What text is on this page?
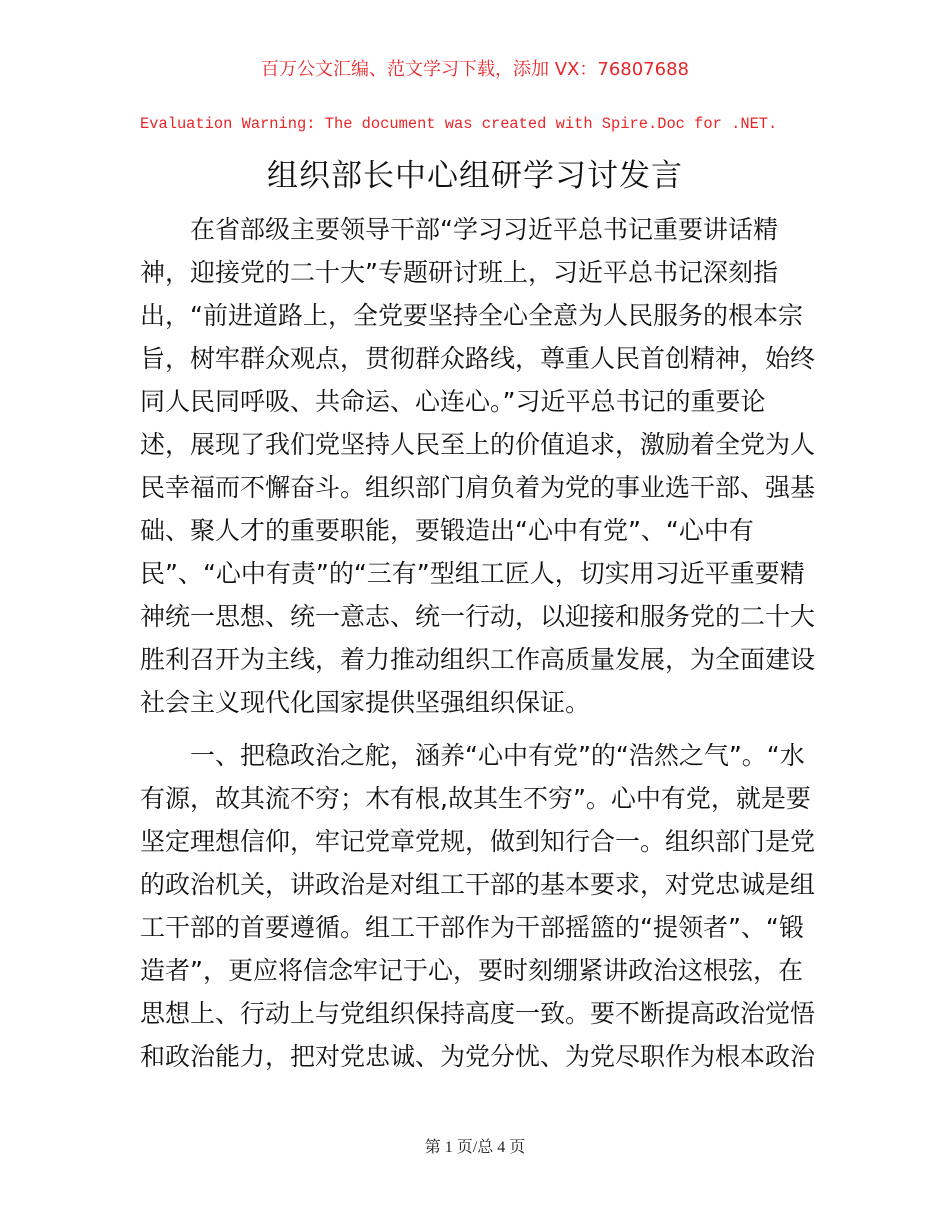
百万公文汇编、范文学习下载，添加 VX：76807688
Evaluation Warning: The document was created with Spire.Doc for .NET.
组织部长中心组研学习讨发言

在省部级主要领导干部“学习习近平总书记重要讲话精
神，迎接党的二十大”专题研讨班上，习近平总书记深刻指
出，“前进道路上，全党要坚持全心全意为人民服务的根本宗
旨，树牢群众观点，贯彻群众路线，尊重人民首创精神，始终
同人民同呼吸、共命运、心连心。”习近平总书记的重要论
述，展现了我们党坚持人民至上的价值追求，激励着全党为人
民幸福而不懈奋斗。组织部门肩负着为党的事业选干部、强基
础、聚人才的重要职能，要锻造出“心中有党”、“心中有
民”、“心中有责”的“三有”型组工匠人，切实用习近平重要精
神统一思想、统一意志、统一行动，以迎接和服务党的二十大
胜利召开为主线，着力推动组织工作高质量发展，为全面建设
社会主义现代化国家提供坚强组织保证。

一、把稳政治之舵，涵养“心中有党”的“浩然之气”。“水
有源，故其流不穷；木有根,故其生不穷”。心中有党，就是要
坚定理想信仰，牢记党章党规，做到知行合一。组织部门是党
的政治机关，讲政治是对组工干部的基本要求，对党忠诚是组
工干部的首要遵循。组工干部作为干部摇篮的“提领者”、“锻
造者”，更应将信念牢记于心，要时刻绷紧讲政治这根弦，在
思想上、行动上与党组织保持高度一致。要不断提高政治觉悟
和政治能力，把对党忠诚、为党分忧、为党尽职作为根本政治

第 1 页/总 4 页
